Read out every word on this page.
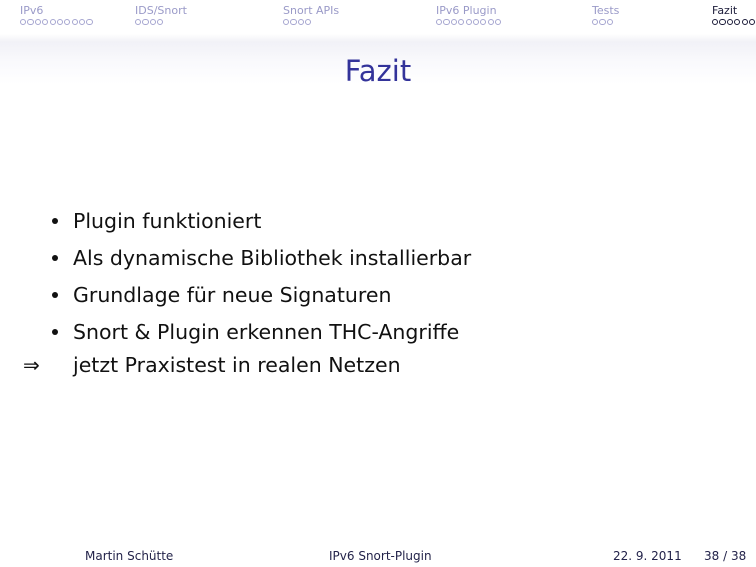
IPv6	IDS/Snort	Snort APIs	IPv6 Plugin	Tests	Fazit
Fazit
Plugin funktioniert
Als dynamische Bibliothek installierbar
Grundlage für neue Signaturen
Snort & Plugin erkennen THC-Angriffe
⇒ jetzt Praxistest in realen Netzen
Martin Schütte	IPv6 Snort-Plugin	22. 9. 2011 38 / 38
